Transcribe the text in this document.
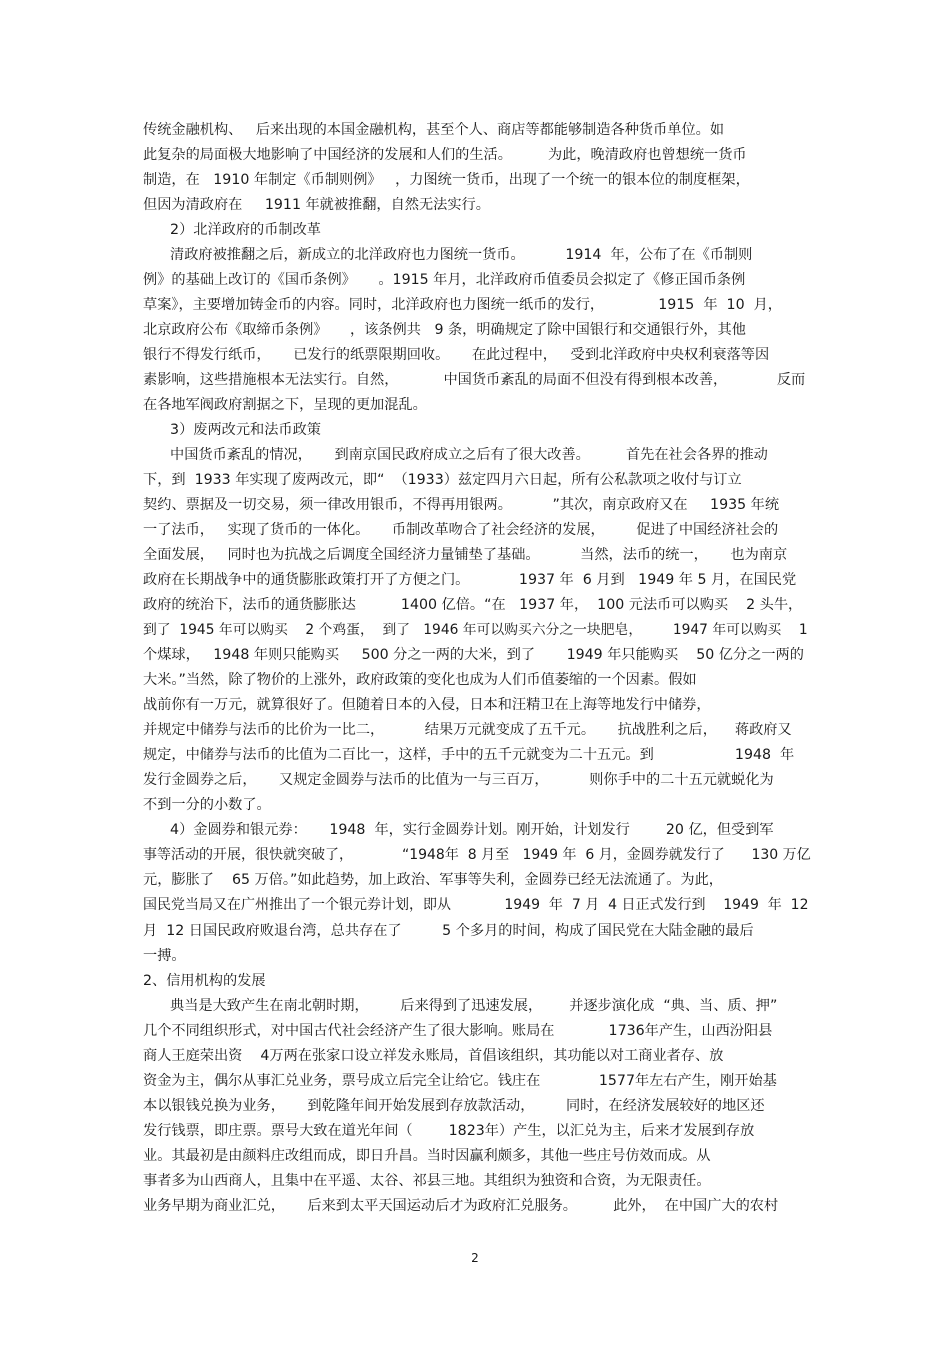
传统金融机构、   后来出现的本国金融机构，甚至个人、商店等都能够制造各种货币单位。如
此复杂的局面极大地影响了中国经济的发展和人们的生活。        为此，晚清政府也曾想统一货币
制造，在   1910 年制定《币制则例》   ，力图统一货币，出现了一个统一的银本位的制度框架，
但因为清政府在     1911 年就被推翻，自然无法实行。
2）北洋政府的币制改革
清政府被推翻之后，新成立的北洋政府也力图统一货币。         1914  年，公布了在《币制则
例》的基础上改订的《国币条例》     。1915 年月，北洋政府币值委员会拟定了《修正国币条例
草案》，主要增加铸金币的内容。同时，北洋政府也力图统一纸币的发行，            1915  年  10  月，
北京政府公布《取缔币条例》     ，该条例共   9 条，明确规定了除中国银行和交通银行外，其他
银行不得发行纸币，     已发行的纸票限期回收。     在此过程中，   受到北洋政府中央权利衰落等因
素影响，这些措施根本无法实行。自然，          中国货币紊乱的局面不但没有得到根本改善，           反而
在各地军阀政府割据之下，呈现的更加混乱。
3）废两改元和法币政策
中国货币紊乱的情况，     到南京国民政府成立之后有了很大改善。        首先在社会各界的推动
下，到  1933 年实现了废两改元，即“  （1933）兹定四月六日起，所有公私款项之收付与订立
契约、票据及一切交易，须一律改用银币，不得再用银两。         ”其次，南京政府又在     1935 年统
一了法币，   实现了货币的一体化。     币制改革吻合了社会经济的发展，       促进了中国经济社会的
全面发展，   同时也为抗战之后调度全国经济力量铺垫了基础。         当然，法币的统一，     也为南京
政府在长期战争中的通货膨胀政策打开了方便之门。           1937 年  6 月到   1949 年 5 月，在国民党
政府的统治下，法币的通货膨胀达          1400 亿倍。“在   1937 年，  100 元法币可以购买    2 头牛，
到了  1945 年可以购买    2 个鸡蛋，  到了   1946 年可以购买六分之一块肥皂，       1947 年可以购买    1
个煤球，   1948 年则只能购买     500 分之一两的大米，到了       1949 年只能购买    50 亿分之一两的
大米。”当然，除了物价的上涨外，政府政策的变化也成为人们币值萎缩的一个因素。假如
战前你有一万元，就算很好了。但随着日本的入侵，日本和汪精卫在上海等地发行中储券，
并规定中储券与法币的比价为一比二，         结果万元就变成了五千元。     抗战胜利之后，    蒋政府又
规定，中储券与法币的比值为二百比一，这样，手中的五千元就变为二十五元。到                  1948  年
发行金圆券之后，     又规定金圆券与法币的比值为一与三百万，         则你手中的二十五元就蜕化为
不到一分的小数了。
4）金圆券和银元券：     1948  年，实行金圆券计划。刚开始，计划发行        20 亿，但受到军
事等活动的开展，很快就突破了，           “1948年  8 月至   1949 年  6 月，金圆券就发行了      130 万亿
元，膨胀了    65 万倍。”如此趋势，加上政治、军事等失利，金圆券已经无法流通了。为此，
国民党当局又在广州推出了一个银元券计划，即从            1949  年  7 月  4 日正式发行到    1949  年  12
月  12 日国民政府败退台湾，总共存在了         5 个多月的时间，构成了国民党在大陆金融的最后
一搏。
2、信用机构的发展
典当是大致产生在南北朝时期，       后来得到了迅速发展，      并逐步演化成  “典、当、质、押”
几个不同组织形式，对中国古代社会经济产生了很大影响。账局在            1736年产生，山西汾阳县
商人王庭荣出资    4万两在张家口设立祥发永账局，首倡该组织，其功能以对工商业者存、放
资金为主，偶尔从事汇兑业务，票号成立后完全让给它。钱庄在             1577年左右产生，刚开始基
本以银钱兑换为业务，     到乾隆年间开始发展到存放款活动，       同时，在经济发展较好的地区还
发行钱票，即庄票。票号大致在道光年间（        1823年）产生，以汇兑为主，后来才发展到存放
业。其最初是由颜料庄改组而成，即日升昌。当时因赢利颇多，其他一些庄号仿效而成。从
事者多为山西商人，且集中在平遥、太谷、祁县三地。其组织为独资和合资，为无限责任。
业务早期为商业汇兑，     后来到太平天国运动后才为政府汇兑服务。        此外，  在中国广大的农村
2
